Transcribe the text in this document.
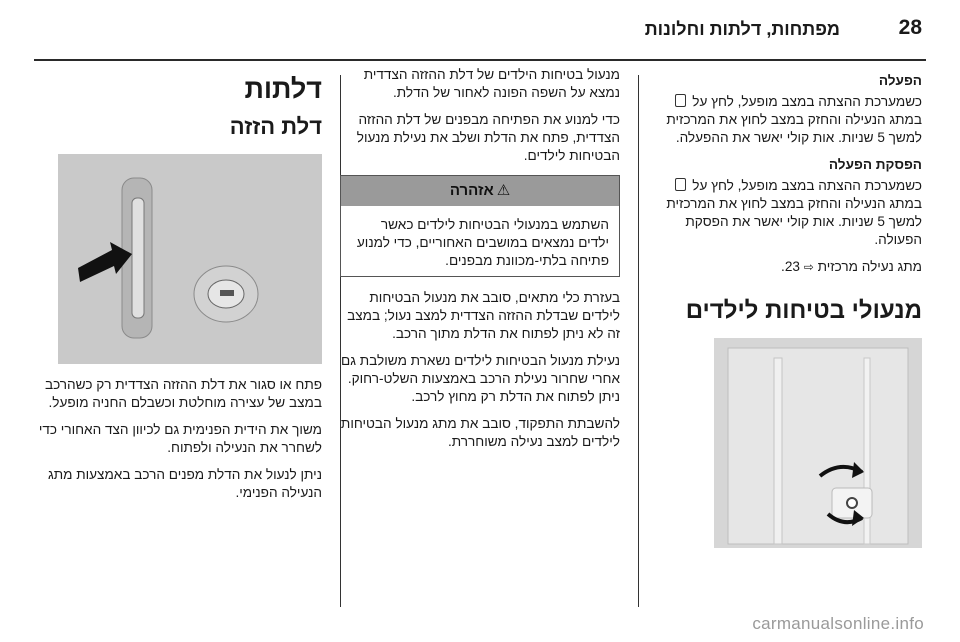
28
מפתחות, דלתות וחלונות
הפעלה

כשמערכת ההצתה במצב מופעל, לחץ על  במתג הנעילה והחזק במצב לחוץ את המרכזית למשך 5 שניות. אות קולי יאשר את ההפעלה.

הפסקת הפעלה

כשמערכת ההצתה במצב מופעל, לחץ על  במתג הנעילה והחזק במצב לחוץ את המרכזית למשך 5 שניות. אות קולי יאשר את הפסקת הפעולה.

מתג נעילה מרכזית ⇨ 23.

מנעולי בטיחות לילדים

מנעול בטיחות הילדים של דלת ההזזה הצדדית נמצא על השפה הפונה לאחור של הדלת.

כדי למנוע את הפתיחה מבפנים של דלת ההזזה הצדדית, פתח את הדלת ושלב את נעילת מנעול הבטיחות לילדים.

⚠אזהרה
השתמש במנעולי הבטיחות לילדים כאשר ילדים נמצאים במושבים האחוריים, כדי למנוע פתיחה בלתי-מכוונת מבפנים.

בעזרת כלי מתאים, סובב את מנעול הבטיחות לילדים שבדלת ההזזה הצדדית למצב נעול; במצב זה לא ניתן לפתוח את הדלת מתוך הרכב.

נעילת מנעול הבטיחות לילדים נשארת משולבת גם אחרי שחרור נעילת הרכב באמצעות השלט-רחוק. ניתן לפתוח את הדלת רק מחוץ לרכב.

להשבתת התפקוד, סובב את מתג מנעול הבטיחות לילדים למצב נעילה משוחררת.

דלתות
דלת הזזה

פתח או סגור את דלת ההזזה הצדדית רק כשהרכב במצב של עצירה מוחלטת וכשבלם החניה מופעל.

משוך את הידית הפנימית גם לכיוון הצד האחורי כדי לשחרר את הנעילה ולפתוח.

ניתן לנעול את הדלת מפנים הרכב באמצעות מתג הנעילה הפנימי.

carmanualsonline.info
